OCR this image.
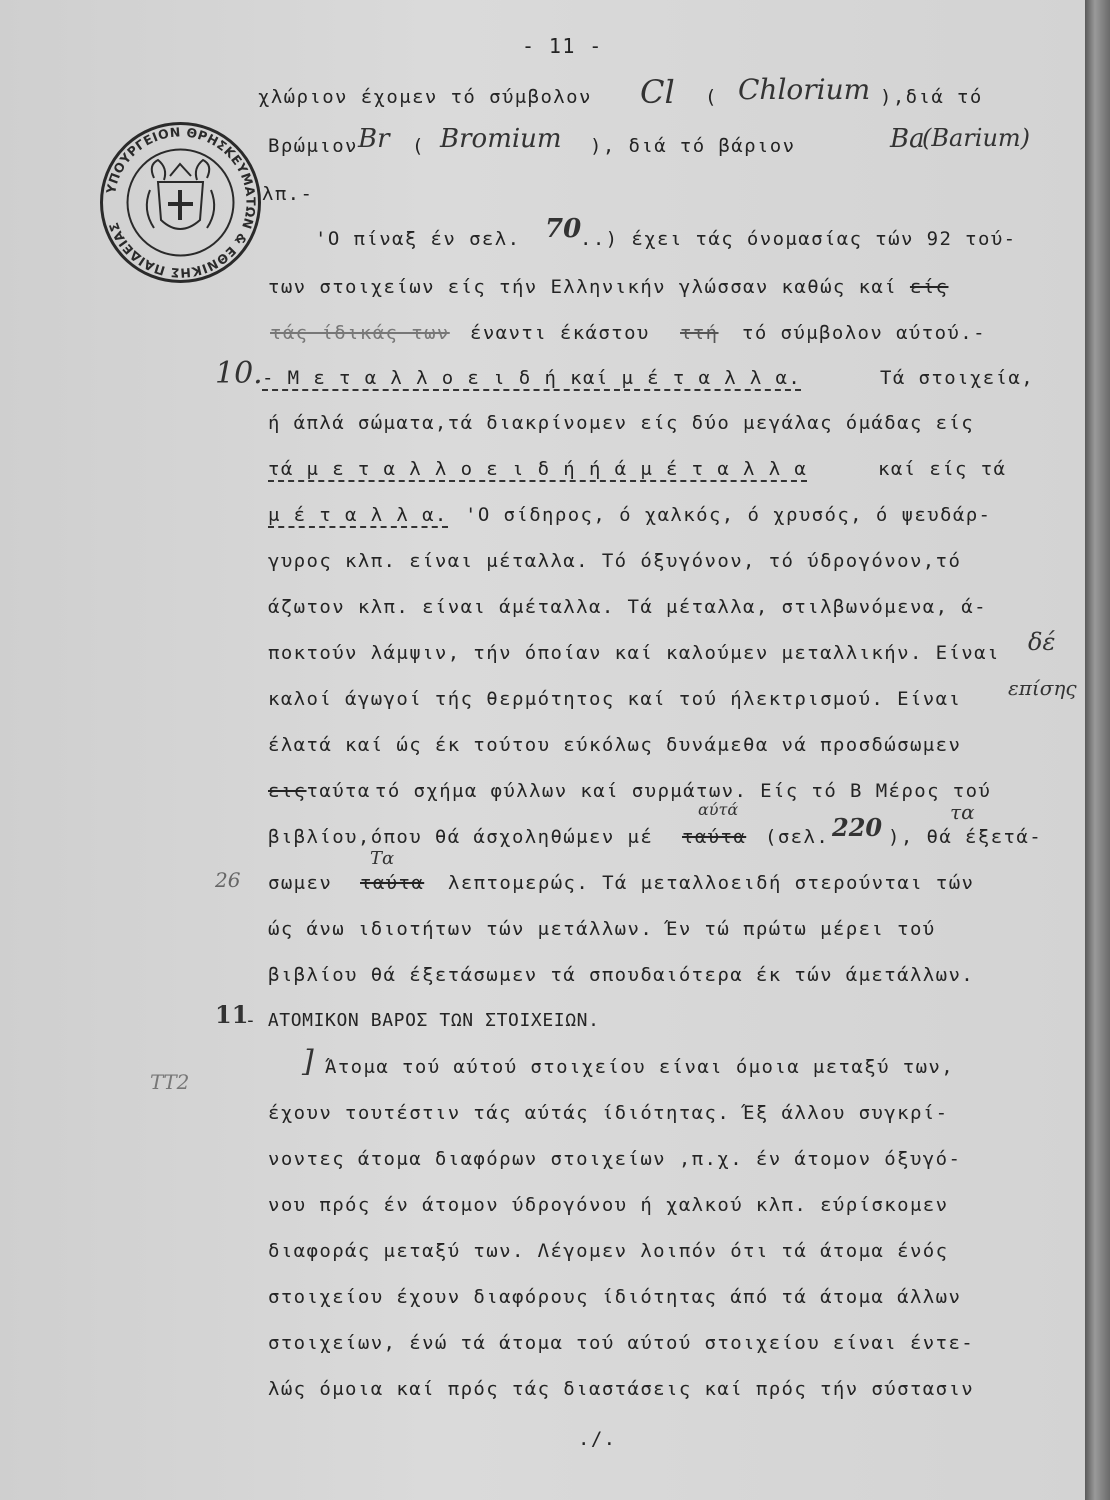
- 11 -
ΥΠΟΥΡΓΕΙΟΝ ΘΡΗΣΚΕΥΜΑΤΩΝ & ΕΘΝΙΚΗΣ ΠΑΙΔΕΙΑΣ
χλώριον έχομεν τό σύμβολον Cl ( Chlorium ),διά τό
Βρώμιον Br ( Bromium ), διά τό βάριον	Ba
(Barium)
λπ.-
'Ο πίναξ έν σελ. 70
..) έχει τάς όνομασίας τών 92 τού-
των στοιχείων είς τήν Ελληνικήν γλώσσαν καθώς καί είς
τάς ίδικάς των έναντι έκάστου ττή τό σύμβολον αύτού.-
10. - Μ ε τ α λ λ ο ε ι δ ή καί μ έ τ α λ λ α.	Τά στοιχεία,
ή άπλά σώματα,τά διακρίνομεν είς δύο μεγάλας όμάδας είς
τά μ ε τ α λ λ ο ε ι δ ή ή ά μ έ τ α λ λ α	καί είς τά
μ έ τ α λ λ α. 'Ο σίδηρος, ό χαλκός, ό χρυσός, ό ψευδάρ-
γυρος κλπ. είναι μέταλλα. Τό όξυγόνον, τό ύδρογόνον,τό
άζωτον κλπ. είναι άμέταλλα. Τά μέταλλα, στιλβωνόμενα, ά-
ποκτούν λάμψιν, τήν όποίαν καί καλούμεν μεταλλικήν. Είναι δέ
καλοί άγωγοί τής θερμότητος καί τού ήλεκτρισμού. Είναι επίσης
έλατά καί ώς έκ τούτου εύκόλως δυνάμεθα νά προσδώσωμεν
ειςταύτα τό σχήμα φύλλων καί συρμάτων. Είς τό Β Μέρος τού
βιβλίου,όπου θά άσχοληθώμεν μέ
αύτά
ταύτα (σελ. 220 ), θά έξετά-
τα
26 σωμεν ταύτα λεπτομερώς. Τά μεταλλοειδή στερούνται τών
Τα
ώς άνω ιδιοτήτων τών μετάλλων. Έν τώ πρώτω μέρει τού
βιβλίου θά έξετάσωμεν τά σπουδαιότερα έκ τών άμετάλλων.
11
- ΑΤΟΜΙΚΟΝ ΒΑΡΟΣ ΤΩΝ ΣΤΟΙΧΕΙΩΝ.
ΤΤ2
] Άτομα τού αύτού στοιχείου είναι όμοια μεταξύ των,
έχουν τουτέστιν τάς αύτάς ίδιότητας. Έξ άλλου συγκρί-
νοντες άτομα διαφόρων στοιχείων ,π.χ. έν άτομον όξυγό-
νου πρός έν άτομον ύδρογόνου ή χαλκού κλπ. εύρίσκομεν
διαφοράς μεταξύ των. Λέγομεν λοιπόν ότι τά άτομα ένός
στοιχείου έχουν διαφόρους ίδιότητας άπό τά άτομα άλλων
στοιχείων, ένώ τά άτομα τού αύτού στοιχείου είναι έντε-
λώς όμοια καί πρός τάς διαστάσεις καί πρός τήν σύστασιν
./.
